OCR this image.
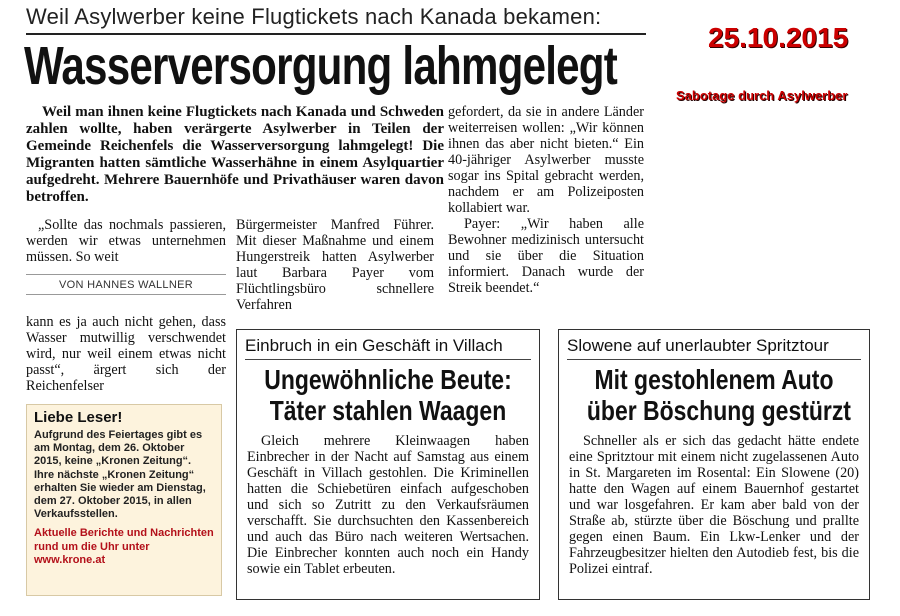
Weil Asylwerber keine Flugtickets nach Kanada bekamen:
Wasserversorgung lahmgelegt	25.10.2015
Sabotage durch Asylwerber
Weil man ihnen keine Flugtickets nach Kanada und Schweden zahlen wollte, haben verärgerte Asylwerber in Teilen der Gemeinde Reichenfels die Wasserversorgung lahmgelegt! Die Migranten hatten sämtliche Wasserhähne in einem Asylquartier aufgedreht. Mehrere Bauernhöfe und Privathäuser waren davon betroffen.
„Sollte das nochmals passieren, werden wir etwas unternehmen müssen. So weit
VON HANNES WALLNER
kann es ja auch nicht gehen, dass Wasser mutwillig verschwendet wird, nur weil einem etwas nicht passt“, ärgert sich der Reichenfelser
Bürgermeister Manfred Führer. Mit dieser Maßnahme und einem Hungerstreik hatten Asylwerber laut Barbara Payer vom Flüchtlingsbüro schnellere Verfahren

gefordert, da sie in andere Länder weiterreisen wollen: „Wir können ihnen das aber nicht bieten.“ Ein 40-jähriger Asylwerber musste sogar ins Spital gebracht werden, nachdem er am Polizeiposten kollabiert war.

Payer: „Wir haben alle Bewohner medizinisch untersucht und sie über die Situation informiert. Danach wurde der Streik beendet.“

Liebe Leser!
Aufgrund des Feiertages gibt es am Montag, dem 26. Oktober 2015, keine „Kronen Zeitung“. Ihre nächste „Kronen Zeitung“ erhalten Sie wieder am Dienstag, dem 27. Oktober 2015, in allen Verkaufsstellen.
Aktuelle Berichte und Nachrichten rund um die Uhr unter www.krone.at
Einbruch in ein Geschäft in Villach
Ungewöhnliche Beute:
Täter stahlen Waagen
Gleich mehrere Kleinwaagen haben Einbrecher in der Nacht auf Samstag aus einem Geschäft in Villach gestohlen. Die Kriminellen hatten die Schiebetüren einfach aufgeschoben und sich so Zutritt zu den Verkaufsräumen verschafft. Sie durchsuchten den Kassenbereich und auch das Büro nach weiteren Wertsachen. Die Einbrecher konnten auch noch ein Handy sowie ein Tablet erbeuten.
Slowene auf unerlaubter Spritztour
Mit gestohlenem Auto
über Böschung gestürzt
Schneller als er sich das gedacht hätte endete eine Spritztour mit einem nicht zugelassenen Auto in St. Margareten im Rosental: Ein Slowene (20) hatte den Wagen auf einem Bauernhof gestartet und war losgefahren. Er kam aber bald von der Straße ab, stürzte über die Böschung und prallte gegen einen Baum. Ein Lkw-Lenker und der Fahrzeugbesitzer hielten den Autodieb fest, bis die Polizei eintraf.
